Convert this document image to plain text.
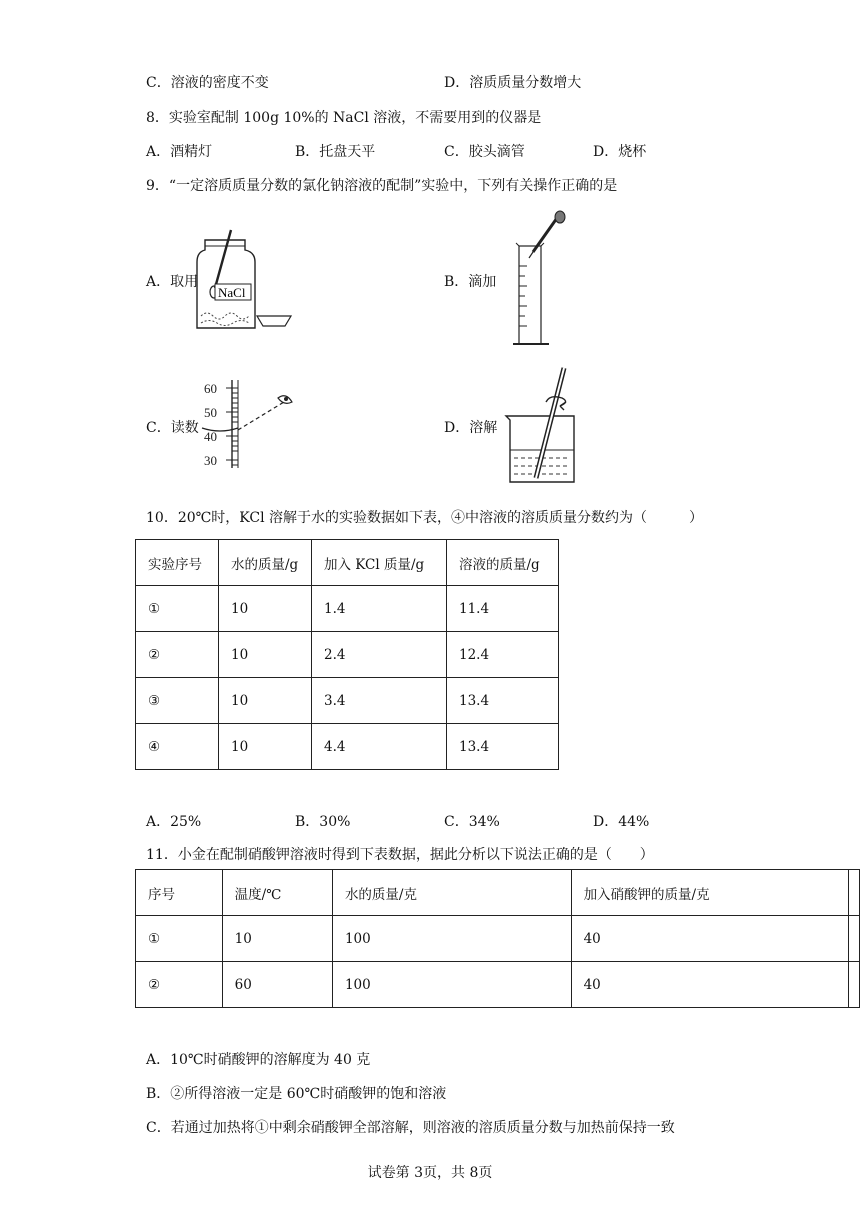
C．溶液的密度不变	D．溶质质量分数增大
8．实验室配制 100g 10%的 NaCl 溶液，不需要用到的仪器是
A．酒精灯	B．托盘天平	C．胶头滴管	D．烧杯
9．“一定溶质质量分数的氯化钠溶液的配制”实验中，下列有关操作正确的是
A．取用
NaCl
B．滴加
C．读数
60
50
40
30
D．溶解
10．20℃时，KCl 溶解于水的实验数据如下表，④中溶液的溶质质量分数约为（　　　）
实验序号	水的质量/g	加入 KCl 质量/g	溶液的质量/g
①	10	1.4	11.4
②	10	2.4	12.4
③	10	3.4	13.4
④	10	4.4	13.4
A．25%	B．30%	C．34%	D．44%
11．小金在配制硝酸钾溶液时得到下表数据，据此分析以下说法正确的是（　　）
序号	温度/℃	水的质量/克	加入硝酸钾的质量/克	
①	10	100	40	
②	60	100	40	
A．10℃时硝酸钾的溶解度为 40 克
B．②所得溶液一定是 60℃时硝酸钾的饱和溶液
C．若通过加热将①中剩余硝酸钾全部溶解，则溶液的溶质质量分数与加热前保持一致
试卷第 3页，共 8页
